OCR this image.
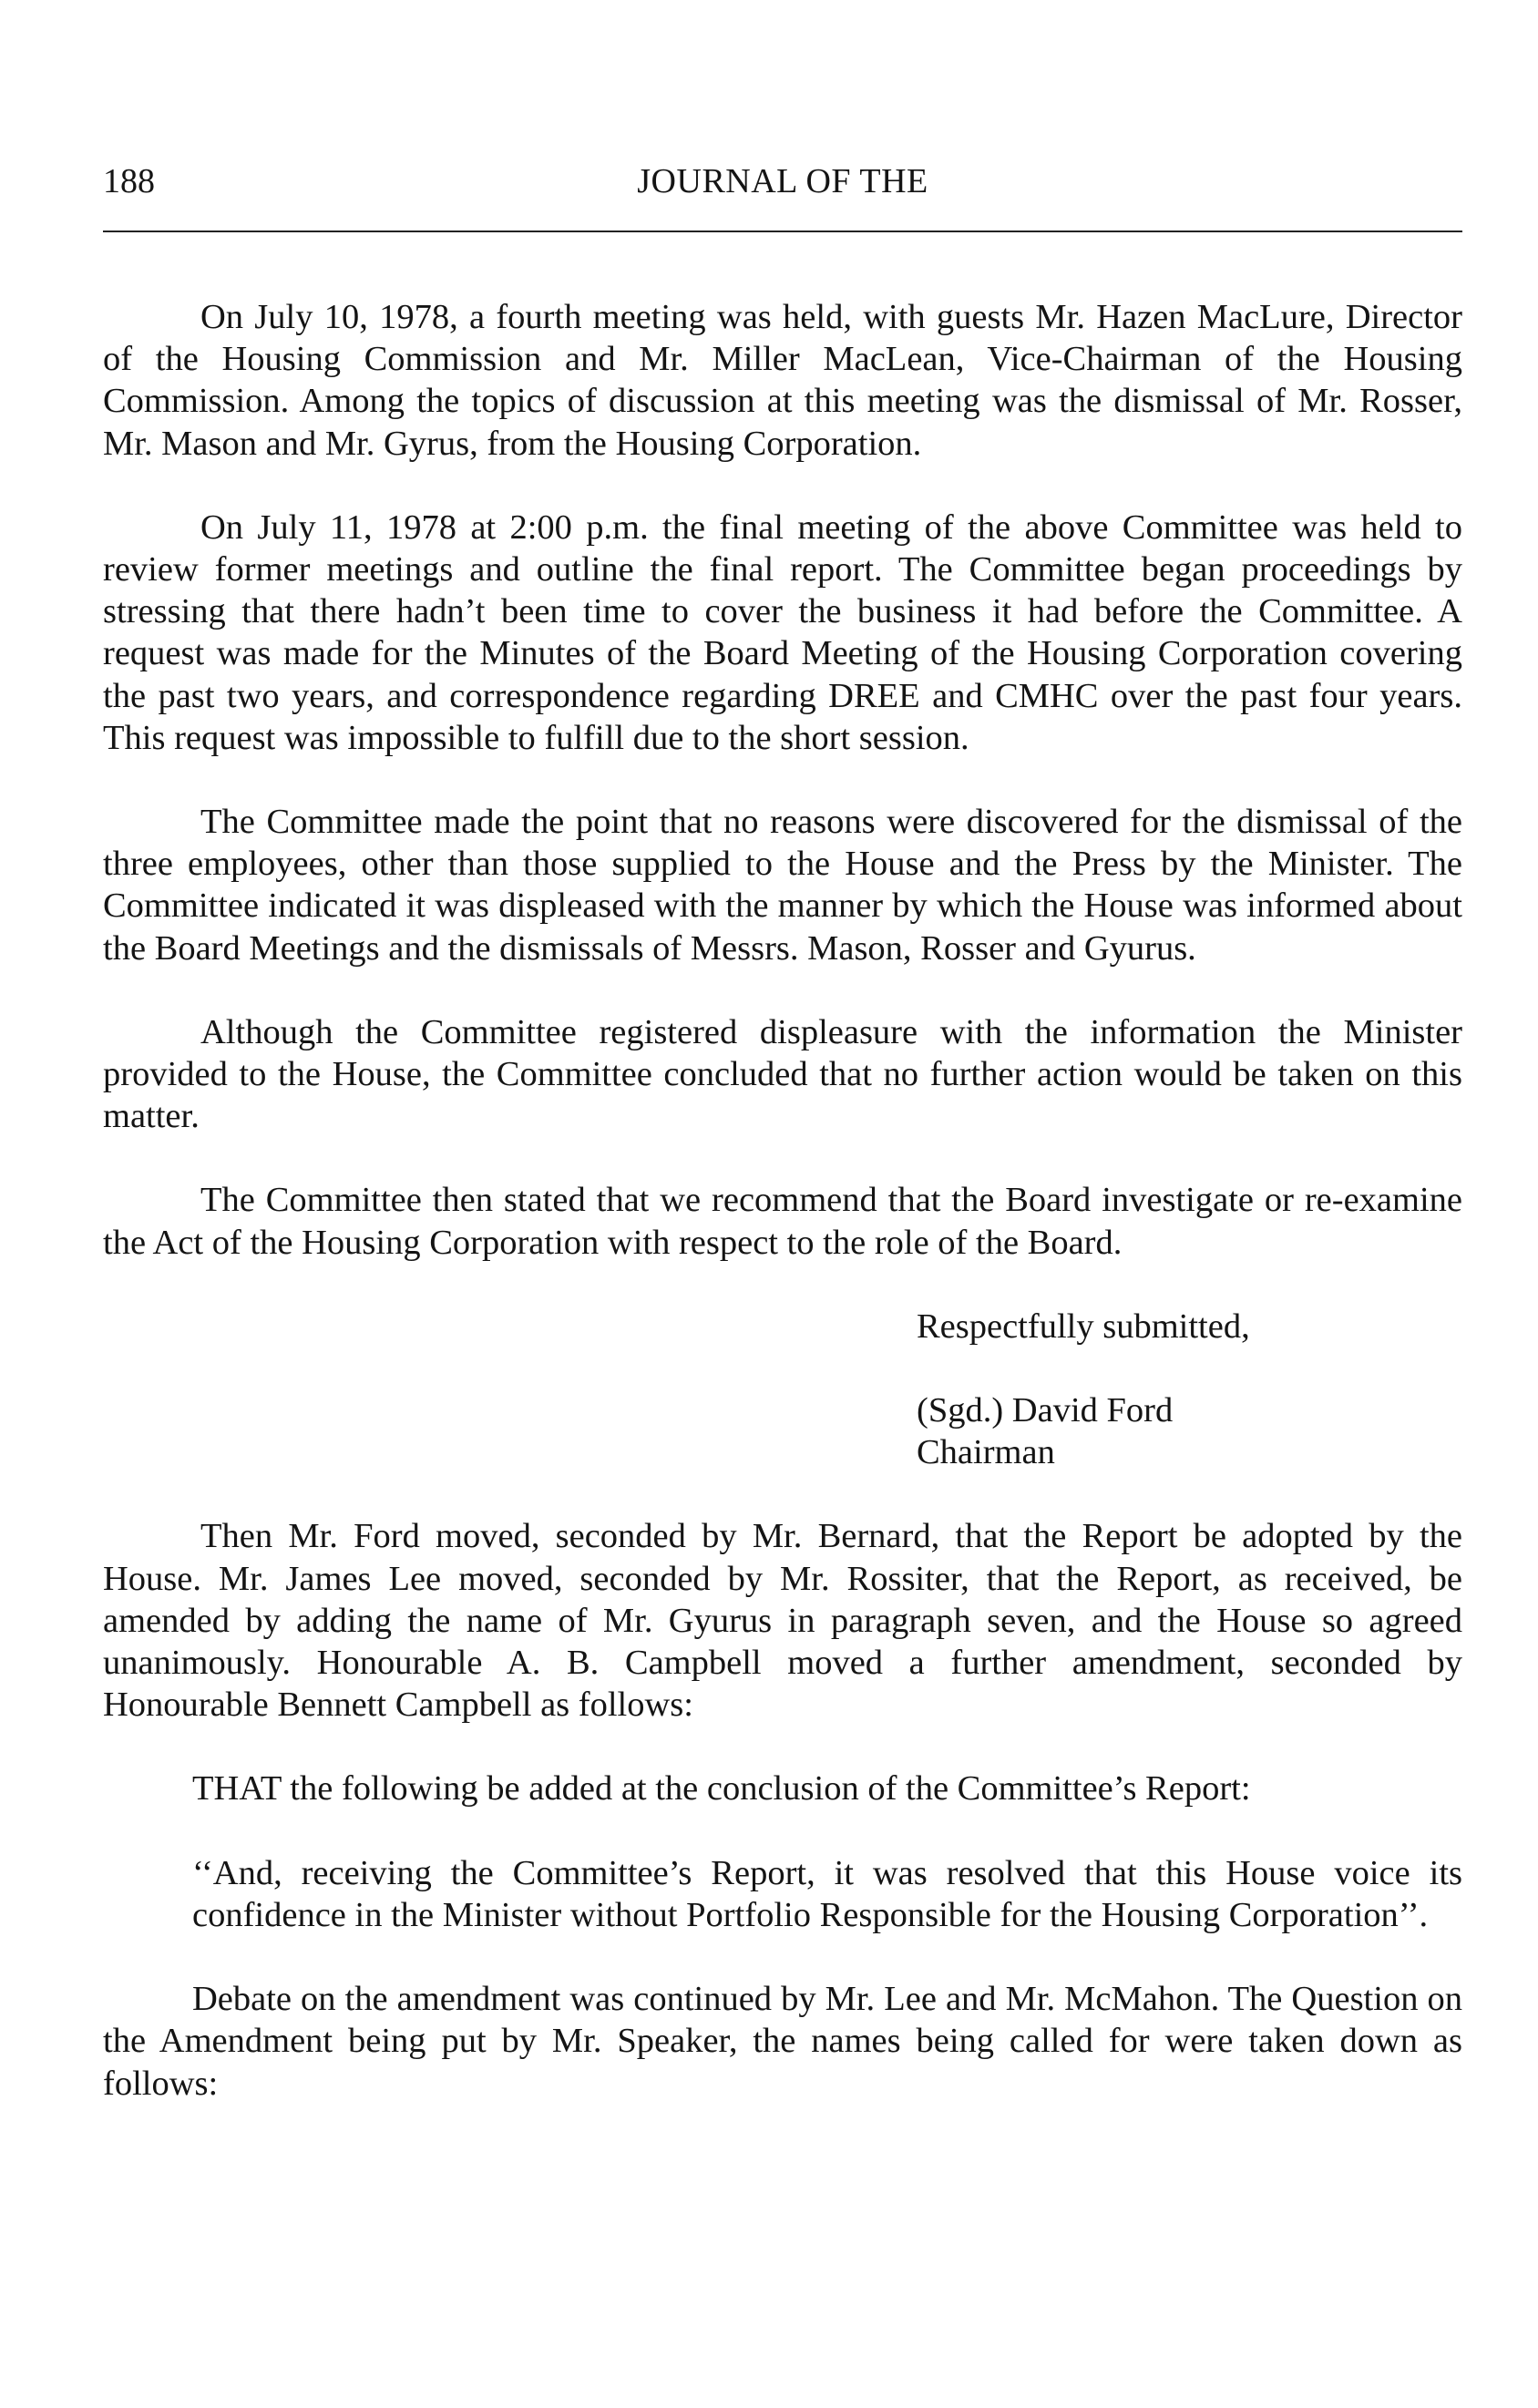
188	JOURNAL OF THE

On July 10, 1978, a fourth meeting was held, with guests Mr. Hazen MacLure, Director of the Housing Commission and Mr. Miller MacLean, Vice-Chairman of the Housing Commission. Among the topics of discussion at this meeting was the dismissal of Mr. Rosser, Mr. Mason and Mr. Gyrus, from the Housing Corporation.

On July 11, 1978 at 2:00 p.m. the final meeting of the above Committee was held to review former meetings and outline the final report. The Committee began proceedings by stressing that there hadn’t been time to cover the business it had before the Committee. A request was made for the Minutes of the Board Meeting of the Housing Corporation covering the past two years, and correspondence regarding DREE and CMHC over the past four years. This request was impossible to fulfill due to the short session.

The Committee made the point that no reasons were discovered for the dismissal of the three employees, other than those supplied to the House and the Press by the Minister. The Committee indicated it was displeased with the manner by which the House was informed about the Board Meetings and the dismissals of Messrs. Mason, Rosser and Gyurus.

Although the Committee registered displeasure with the information the Minister provided to the House, the Committee concluded that no further action would be taken on this matter.

The Committee then stated that we recommend that the Board investigate or re-examine the Act of the Housing Corporation with respect to the role of the Board.

Respectfully submitted,
(Sgd.) David Ford
Chairman

Then Mr. Ford moved, seconded by Mr. Bernard, that the Report be adopted by the House. Mr. James Lee moved, seconded by Mr. Rossiter, that the Report, as received, be amended by adding the name of Mr. Gyurus in paragraph seven, and the House so agreed unanimously. Honourable A. B. Campbell moved a further amendment, seconded by Honourable Bennett Campbell as follows:

THAT the following be added at the conclusion of the Committee’s Report:
‘‘And, receiving the Committee’s Report, it was resolved that this House voice its confidence in the Minister without Portfolio Responsible for the Housing Corporation’’.

Debate on the amendment was continued by Mr. Lee and Mr. McMahon. The Question on the Amendment being put by Mr. Speaker, the names being called for were taken down as follows:
